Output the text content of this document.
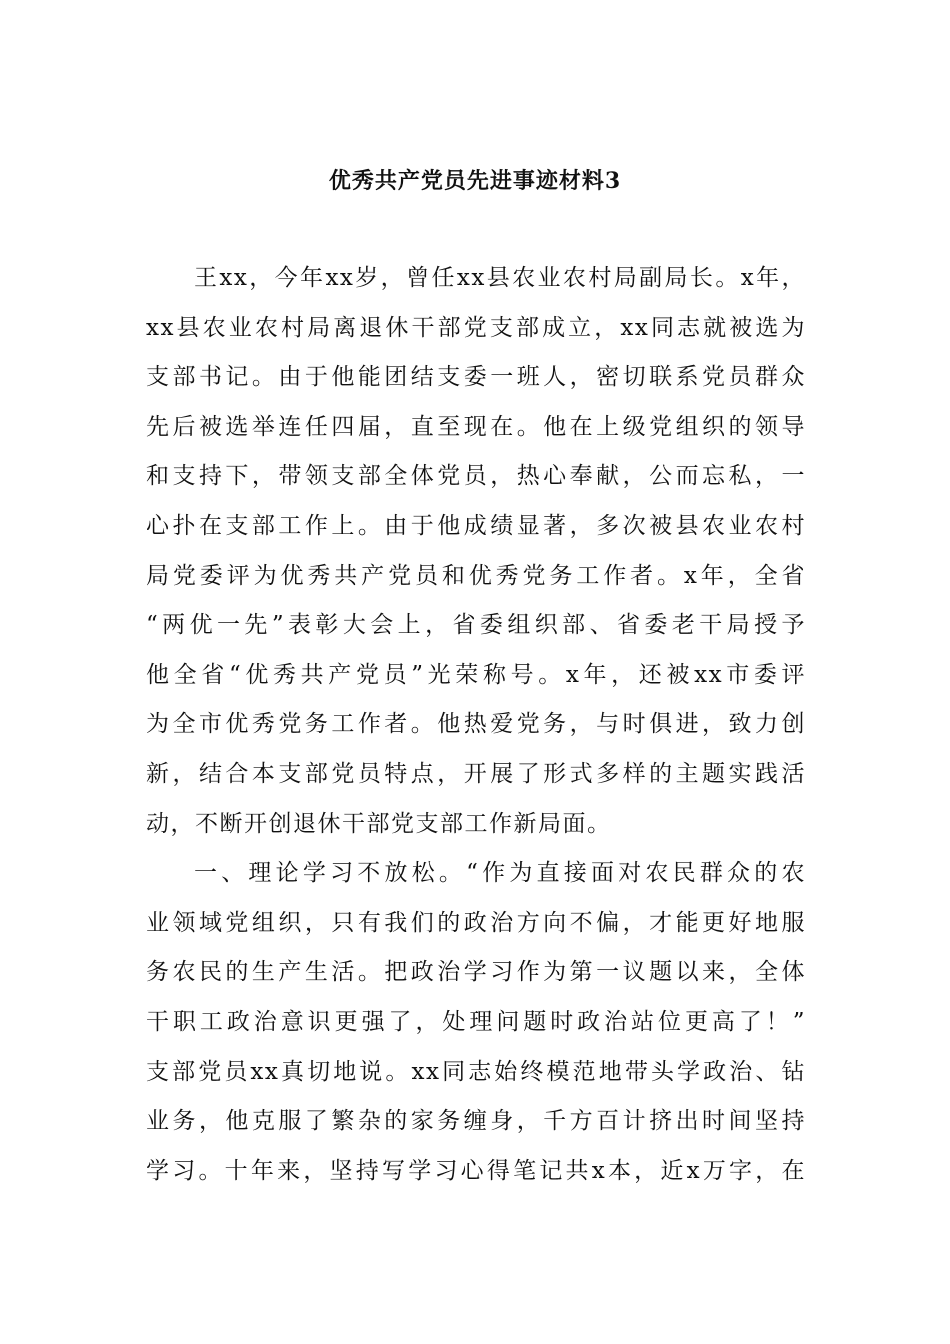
优秀共产党员先进事迹材料3
王xx，今年xx岁，曾任xx县农业农村局副局长。x年，
xx县农业农村局离退休干部党支部成立，xx同志就被选为
支部书记。由于他能团结支委一班人，密切联系党员群众
先后被选举连任四届，直至现在。他在上级党组织的领导
和支持下，带领支部全体党员，热心奉献，公而忘私，一
心扑在支部工作上。由于他成绩显著，多次被县农业农村
局党委评为优秀共产党员和优秀党务工作者。x年，全省
“两优一先”表彰大会上，省委组织部、省委老干局授予
他全省“优秀共产党员”光荣称号。x年，还被xx市委评
为全市优秀党务工作者。他热爱党务，与时俱进，致力创
新，结合本支部党员特点，开展了形式多样的主题实践活
动，不断开创退休干部党支部工作新局面。
一、理论学习不放松。“作为直接面对农民群众的农
业领域党组织，只有我们的政治方向不偏，才能更好地服
务农民的生产生活。把政治学习作为第一议题以来，全体
干职工政治意识更强了，处理问题时政治站位更高了！”
支部党员xx真切地说。xx同志始终模范地带头学政治、钻
业务，他克服了繁杂的家务缠身，千方百计挤出时间坚持
学习。十年来，坚持写学习心得笔记共x本，近x万字，在
